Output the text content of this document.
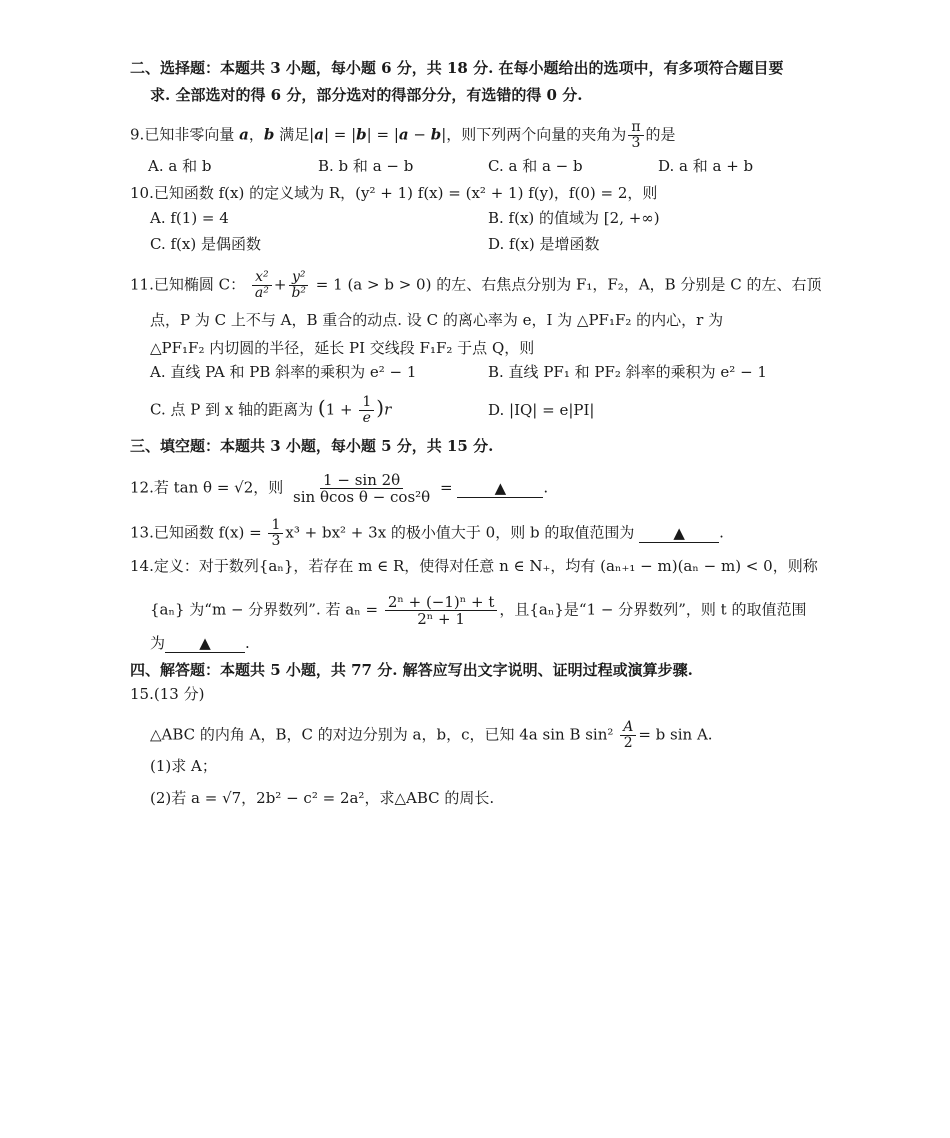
二、选择题：本题共 3 小题，每小题 6 分，共 18 分. 在每小题给出的选项中，有多项符合题目要
求. 全部选对的得 6 分，部分选对的得部分分，有选错的得 0 分.
9.已知非零向量 a，b 满足|a| = |b| = |a − b|，则下列两个向量的夹角为 $\frac{\pi}{3}$ 的是
A. a 和 b	B. b 和 a − b	C. a 和 a − b	D. a 和 a + b
10.已知函数 f(x) 的定义域为 R，(y² + 1) f(x) = (x² + 1) f(y)，f(0) = 2，则
A. f(1) = 4	B. f(x) 的值域为 [2, +∞)
C. f(x) 是偶函数	D. f(x) 是增函数
11.已知椭圆 C： $\frac{\text{x²}}{\text{a²}} + \frac{\text{y²}}{\text{b²}} = 1$ (a > b > 0) 的左、右焦点分别为 F₁，F₂，A，B 分别是 C 的左、右顶
点，P 为 C 上不与 A，B 重合的动点. 设 C 的离心率为 e，I 为 △PF₁F₂ 的内心，r 为
△PF₁F₂ 内切圆的半径，延长 PI 交线段 F₁F₂ 于点 Q，则
A. 直线 PA 和 PB 斜率的乘积为 e² − 1	B. 直线 PF₁ 和 PF₂ 斜率的乘积为 e² − 1
C. 点 P 到 x 轴的距离为 $(1 + \frac{1}{e} )r$	D. |IQ| = e|PI|
三、填空题：本题共 3 小题，每小题 5 分，共 15 分.
12.若 tan θ = √2，则 $\frac{1 - \sin 2\theta}{\text{sin θcos θ − cos²θ}}$ =	▲ .
13.已知函数 $f(x) = \frac{1}{3} x^3 + bx^2 + 3x$ 的极小值大于 0，则 b 的取值范围为	▲ .
14.定义：对于数列{aₙ}，若存在 m ∈ R，使得对任意 n ∈ N₊，均有 (aₙ₊₁ − m)(aₙ − m) < 0，则称
{aₙ} 为“m − 分界数列”. 若 $a_n = \frac{\text{2ⁿ + (−1)ⁿ + t}}{\text{2ⁿ + 1}}$ ，且{aₙ}是“1 − 分界数列”，则 t 的取值范围
为 ▲ .
四、解答题：本题共 5 小题，共 77 分. 解答应写出文字说明、证明过程或演算步骤.
15.(13 分)
△ABC 的内角 A，B，C 的对边分别为 a，b，c，已知 4a sin B $\sin^2 \frac{A}{2} = b$ sin A.
(1)求 A；
(2)若 a = √7，2b² − c² = 2a²，求△ABC 的周长.
